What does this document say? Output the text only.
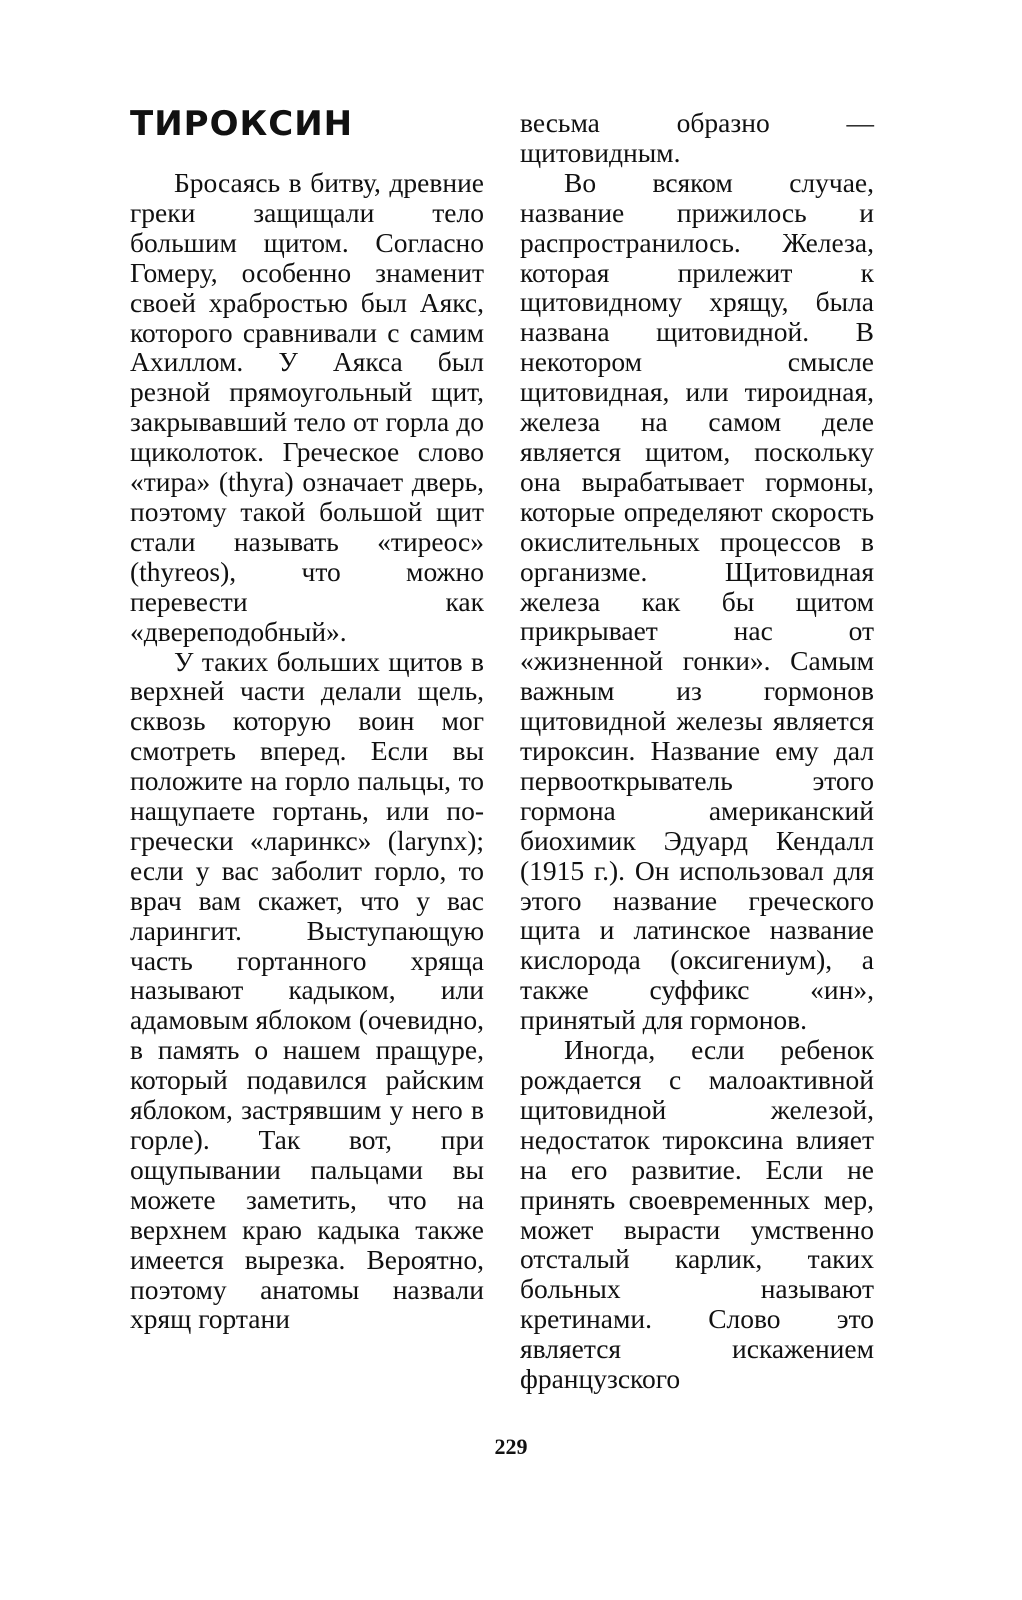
ТИРОКСИН

Бросаясь в битву, древние греки защищали тело большим щитом. Согласно Гомеру, особенно знаменит своей храбростью был Аякс, которого сравнивали с самим Ахиллом. У Аякса был резной прямоугольный щит, закрывавший тело от горла до щиколоток. Греческое слово «тира» (thyra) означает дверь, поэтому такой большой щит стали называть «тиреос» (thyreos), что можно перевести как «двереподобный».

У таких больших щитов в верхней части делали щель, сквозь которую воин мог смотреть вперед. Если вы положите на горло пальцы, то нащупаете гортань, или по-гречески «ларинкс» (larynx); если у вас заболит горло, то врач вам скажет, что у вас ларингит. Выступающую часть гортанного хряща называют кадыком, или адамовым яблоком (очевидно, в память о нашем пращуре, который подавился райским яблоком, застрявшим у него в горле). Так вот, при ощупывании пальцами вы можете заметить, что на верхнем краю кадыка также имеется вырезка. Вероятно, поэтому анатомы назвали хрящ гортани

весьма образно — щитовидным.

Во всяком случае, название прижилось и распространилось. Железа, которая прилежит к щитовидному хрящу, была названа щитовидной. В некотором смысле щитовидная, или тироидная, железа на самом деле является щитом, поскольку она вырабатывает гормоны, которые определяют скорость окислительных процессов в организме. Щитовидная железа как бы щитом прикрывает нас от «жизненной гонки». Самым важным из гормонов щитовидной железы является тироксин. Название ему дал первооткрыватель этого гормона американский биохимик Эдуард Кендалл (1915 г.). Он использовал для этого название греческого щита и латинское название кислорода (оксигениум), а также суффикс «ин», принятый для гормонов.

Иногда, если ребенок рождается с малоактивной щитовидной железой, недостаток тироксина влияет на его развитие. Если не принять своевременных мер, может вырасти умственно отсталый карлик, таких больных называют кретинами. Слово это является искажением французского

229
